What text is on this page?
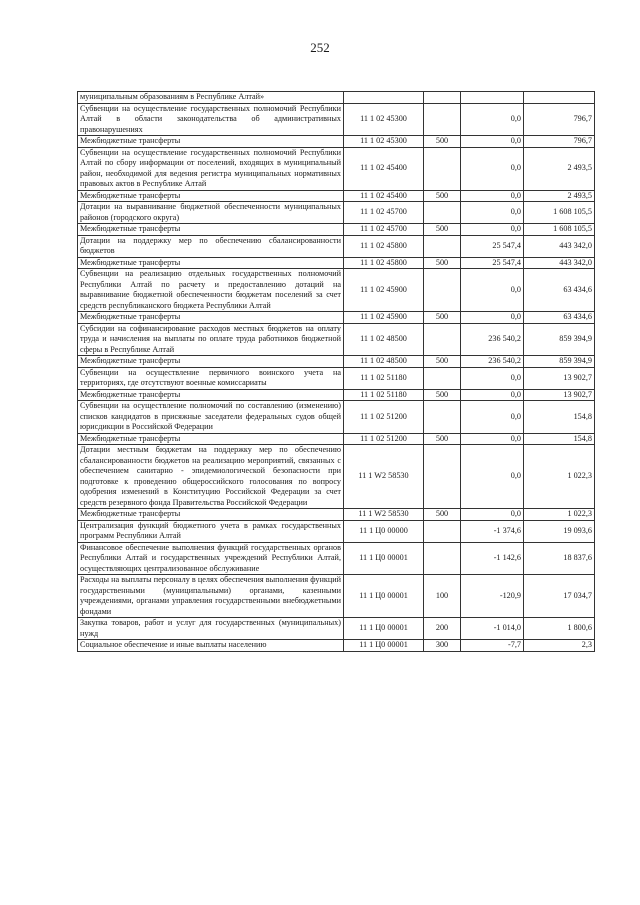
252
муниципальным образованиям в Республике Алтай»				
Субвенции на осуществление государственных полномочий Республики Алтай в области законодательства об административных правонарушениях	11 1 02 45300		0,0	796,7
Межбюджетные трансферты	11 1 02 45300	500	0,0	796,7
Субвенции на осуществление государственных полномочий Республики Алтай по сбору информации от поселений, входящих в муниципальный район, необходимой для ведения регистра муниципальных нормативных правовых актов в Республике Алтай	11 1 02 45400		0,0	2 493,5
Межбюджетные трансферты	11 1 02 45400	500	0,0	2 493,5
Дотации на выравнивание бюджетной обеспеченности муниципальных районов (городского округа)	11 1 02 45700		0,0	1 608 105,5
Межбюджетные трансферты	11 1 02 45700	500	0,0	1 608 105,5
Дотации на поддержку мер по обеспечению сбалансированности бюджетов	11 1 02 45800		25 547,4	443 342,0
Межбюджетные трансферты	11 1 02 45800	500	25 547,4	443 342,0
Субвенции на реализацию отдельных государственных полномочий Республики Алтай по расчету и предоставлению дотаций на выравнивание бюджетной обеспеченности бюджетам поселений за счет средств республиканского бюджета Республики Алтай	11 1 02 45900		0,0	63 434,6
Межбюджетные трансферты	11 1 02 45900	500	0,0	63 434,6
Субсидии на софинансирование расходов местных бюджетов на оплату труда и начисления на выплаты по оплате труда работников бюджетной сферы в Республике Алтай	11 1 02 48500		236 540,2	859 394,9
Межбюджетные трансферты	11 1 02 48500	500	236 540,2	859 394,9
Субвенции на осуществление первичного воинского учета на территориях, где отсутствуют военные комиссариаты	11 1 02 51180		0,0	13 902,7
Межбюджетные трансферты	11 1 02 51180	500	0,0	13 902,7
Субвенции на осуществление полномочий по составлению (изменению) списков кандидатов в присяжные заседатели федеральных судов общей юрисдикции в Российской Федерации	11 1 02 51200		0,0	154,8
Межбюджетные трансферты	11 1 02 51200	500	0,0	154,8
Дотации местным бюджетам на поддержку мер по обеспечению сбалансированности бюджетов на реализацию мероприятий, связанных с обеспечением санитарно - эпидемиологической безопасности при подготовке к проведению общероссийского голосования по вопросу одобрения изменений в Конституцию Российской Федерации за счет средств резервного фонда Правительства Российской Федерации	11 1 W2 58530		0,0	1 022,3
Межбюджетные трансферты	11 1 W2 58530	500	0,0	1 022,3
Централизация функций бюджетного учета в рамках государственных программ Республики Алтай	11 1 Ц0 00000		-1 374,6	19 093,6
Финансовое обеспечение выполнения функций государственных органов Республики Алтай и государственных учреждений Республики Алтай, осуществляющих централизованное обслуживание	11 1 Ц0 00001		-1 142,6	18 837,6
Расходы на выплаты персоналу в целях обеспечения выполнения функций государственными (муниципальными) органами, казенными учреждениями, органами управления государственными внебюджетными фондами	11 1 Ц0 00001	100	-120,9	17 034,7
Закупка товаров, работ и услуг для государственных (муниципальных) нужд	11 1 Ц0 00001	200	-1 014,0	1 800,6
Социальное обеспечение и иные выплаты населению	11 1 Ц0 00001	300	-7,7	2,3
